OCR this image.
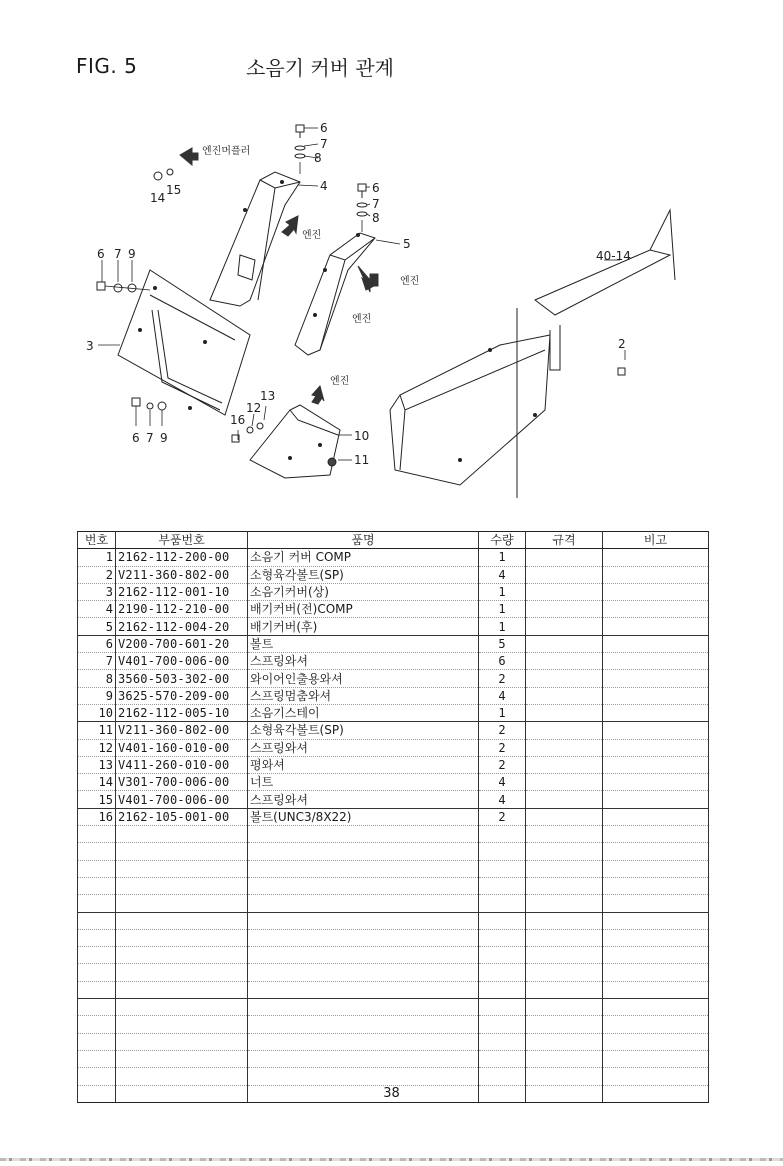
FIG. 5	소음기 커버 관계
6
7
8
4	6
7
8
5
15
14
6 7 9
3
40-14
2
13
12
16
10
11
6 7 9
엔진머플러
엔진
엔진
엔진
엔진
번호	부품번호	품명	수량	규격	비고
1	2162-112-200-00	소음기 커버 COMP	1		
2	V211-360-802-00	소형육각볼트(SP)	4		
3	2162-112-001-10	소음기커버(상)	1		
4	2190-112-210-00	배기커버(전)COMP	1		
5	2162-112-004-20	배기커버(후)	1		
6	V200-700-601-20	볼트	5		
7	V401-700-006-00	스프링와셔	6		
8	3560-503-302-00	와이어인출용와셔	2		
9	3625-570-209-00	스프링멈춤와셔	4		
10	2162-112-005-10	소음기스테이	1		
11	V211-360-802-00	소형육각볼트(SP)	2		
12	V401-160-010-00	스프링와셔	2		
13	V411-260-010-00	평와셔	2		
14	V301-700-006-00	너트	4		
15	V401-700-006-00	스프링와셔	4		
16	2162-105-001-00	볼트(UNC3/8X22)	2		

38
